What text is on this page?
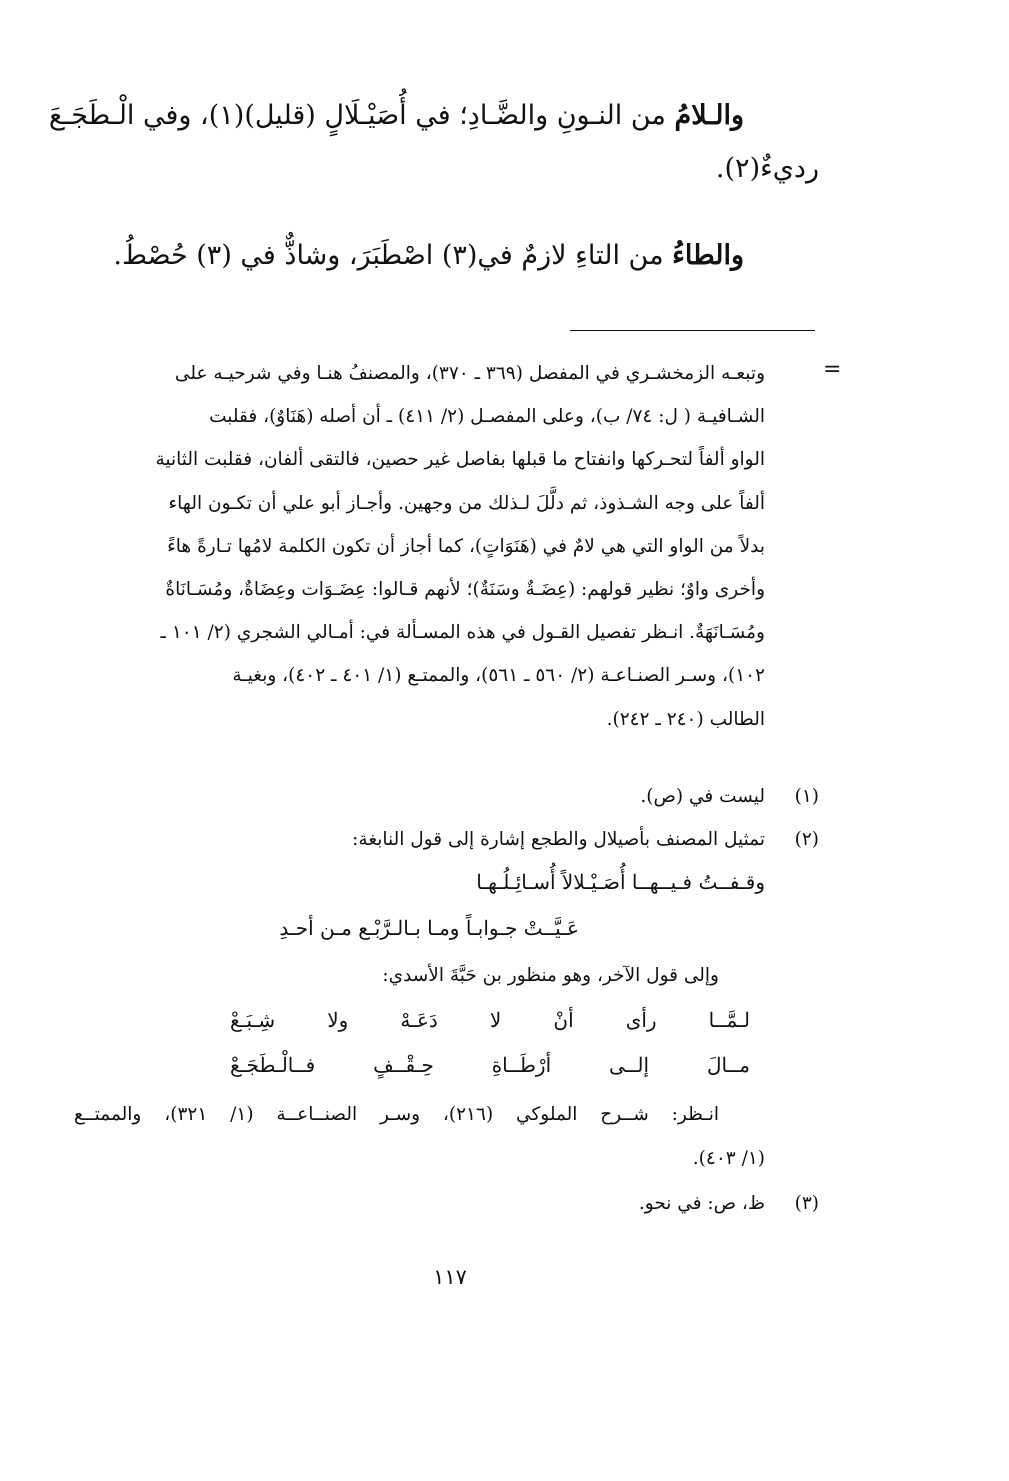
والـلامُ من النـونِ والضَّـادِ؛ في أُصَيْـلَالٍ (قليل)(١)، وفي الْـطَجَـعَ
رديءٌ(٢).
والطاءُ من التاءِ لازمٌ في(٣) اصْطَبَرَ، وشاذٌّ في (٣) حُصْطُ.
=
وتبعـه الزمخشـري في المفصل (٣٦٩ ـ ٣٧٠)، والمصنفُ هنـا وفي شرحيـه على
الشـافيـة ( ل: ٧٤/ ب)، وعلى المفصـل (٢/ ٤١١) ـ أن أصله (هَنَاوٌ)، فقلبت
الواو ألفاً لتحـركها وانفتاح ما قبلها بفاصل غير حصين، فالتقى ألفان، فقلبت الثانية
ألفاً على وجه الشـذوذ، ثم دلَّلَ لـذلك من وجهين. وأجـاز أبو علي أن تكـون الهاء
بدلاً من الواو التي هي لامٌ في (هَنَوَاتٍ)، كما أجاز أن تكون الكلمة لامُها تـارةً هاءً
وأخرى واوٌ؛ نظير قولهم: (عِضَـةٌ وسَنَةٌ)؛ لأنهم قـالوا: عِضَـوَات وعِضَاةٌ، ومُسَـانَاةٌ
ومُسَـانَهَةٌ. انـظر تفصيل القـول في هذه المسـألة في: أمـالي الشجري (٢/ ١٠١ ـ
١٠٢)، وسـر الصنـاعـة (٢/ ٥٦٠ ـ ٥٦١)، والممتـع (١/ ٤٠١ ـ ٤٠٢)، وبغيـة
الطالب (٢٤٠ ـ ٢٤٢).
(١)
ليست في (ص).
(٢)
تمثيل المصنف بأصيلال والطجع إشارة إلى قول النابغة:
وقـفــتُ فـيــهــا أُصَـيْـلالاً أُسـائِـلُـهـا
عَـيَّــتْ جـوابـاً ومـا بـالـرَّبْـع مـن أحـدِ
وإلى قول الآخر، وهو منظور بن حَبَّةَ الأسدي:
لـمَّــا
رأى
أنْ
لا
دَعَـهْ
ولا
شِـبَـعْ
مــالَ
إلــى
أرْطَــاةِ
حِـقْــفٍ
فــالْـطَجَـعْ
انـظر: شــرح الملوكي (٢١٦)، وسـر الصنــاعــة (١/ ٣٢١)، والممتــع
(١/ ٤٠٣).
(٣)
ظ، ص: في نحو.
١١٧
